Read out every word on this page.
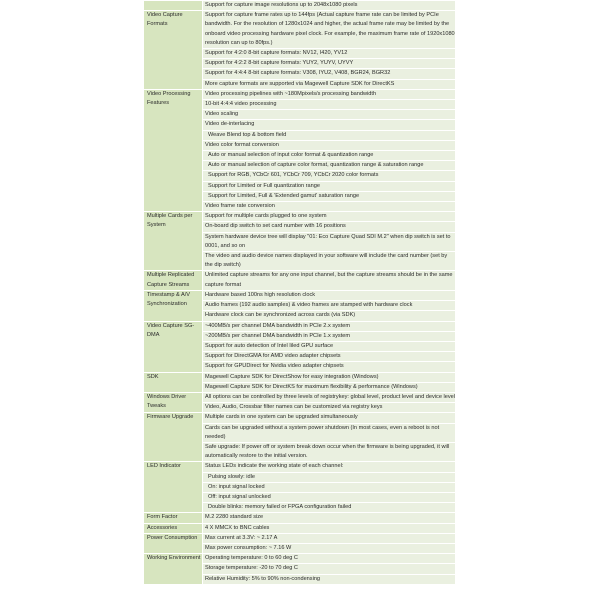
	Support for capture image resolutions up to 2048x1080 pixels
Video Capture Formats	Support for capture frame rates up to 144fps (Actual capture frame rate can be limited by PCIe bandwidth. For the resolution of 1280x1024 and higher, the actual frame rate may be limited by the onboard video processing hardware pixel clock. For example, the maximum frame rate of 1920x1080 resolution can up to 80fps.)
	Support for 4:2:0 8-bit capture formats: NV12, I420, YV12
	Support for 4:2:2 8-bit capture formats: YUY2, YUYV, UYVY
	Support for 4:4:4 8-bit capture formats: V308, IYU2, V408, BGR24, BGR32
	More capture formats are supported via Magewell Capture SDK for DirectKS
Video Processing Features	Video processing pipelines with ~180Mpixels/s processing bandwidth
	10-bit 4:4:4 video processing
	Video scaling
	Video de-interlacing
	Weave Blend top & bottom field
	Video color format conversion
	Auto or manual selection of input color format & quantization range
	Auto or manual selection of capture color format, quantization range & saturation range
	Support for RGB, YCbCr 601, YCbCr 709, YCbCr 2020 color formats
	Support for Limited or Full quantization range
	Support for Limited, Full & 'Extended gamut' saturation range
	Video frame rate conversion
Multiple Cards per System	Support for multiple cards plugged to one system
	On-board dip switch to set card number with 16 positions
	System hardware device tree will display "01: Eco Capture Quad SDI M.2" when dip switch is set to 0001, and so on
	The video and audio device names displayed in your software will include the card number (set by the dip switch)
Multiple Replicated Capture Streams	Unlimited capture streams for any one input channel, but the capture streams should be in the same capture format
Timestamp & A/V Synchronization	Hardware based 100ns high resolution clock
	Audio frames (192 audio samples) & video frames are stamped with hardware clock
	Hardware clock can be synchronized across cards (via SDK)
Video Capture SG-DMA	~400MB/s per channel DMA bandwidth in PCIe 2.x system
	~200MB/s per channel DMA bandwidth in PCIe 1.x system
	Support for auto detection of Intel Iiled GPU surface
	Support for DirectGMA for AMD video adapter chipsets
	Support for GPUDirect for Nvidia video adapter chipsets
SDK	Magewell Capture SDK for DirectShow for easy integration (Windows)
	Magewell Capture SDK for DirectKS for maximum flexibility & performance (Windows)
Windows Driver Tweaks	All options can be controlled by three levels of registrykey: global level, product level and device level
	Video, Audio, Crossbar filter names can be customized via registry keys
Firmware Upgrade	Multiple cards in one system can be upgraded simultaneously
	Cards can be upgraded without a system power shutdown (In most cases, even a reboot is not needed)
	Safe upgrade: If power off or system break down occur when the firmware is being upgraded, it will automatically restore to the initial version.
LED Indicator	Status LEDs indicate the working state of each channel:
	Pulsing slowly: idle
	On: input signal locked
	Off: input signal unlocked
	Double blinks: memory failed or FPGA configuration failed
Form Factor	M.2 2280 standard size
Accessories	4 X MMCX to BNC cables
Power Consumption	Max current at 3.3V: ~ 2.17 A
	Max power consumption: ~ 7.16 W
Working Environment	Operating temperature: 0 to 60 deg C
	Storage temperature: -20 to 70 deg C
	Relative Humidity: 5% to 90% non-condensing
